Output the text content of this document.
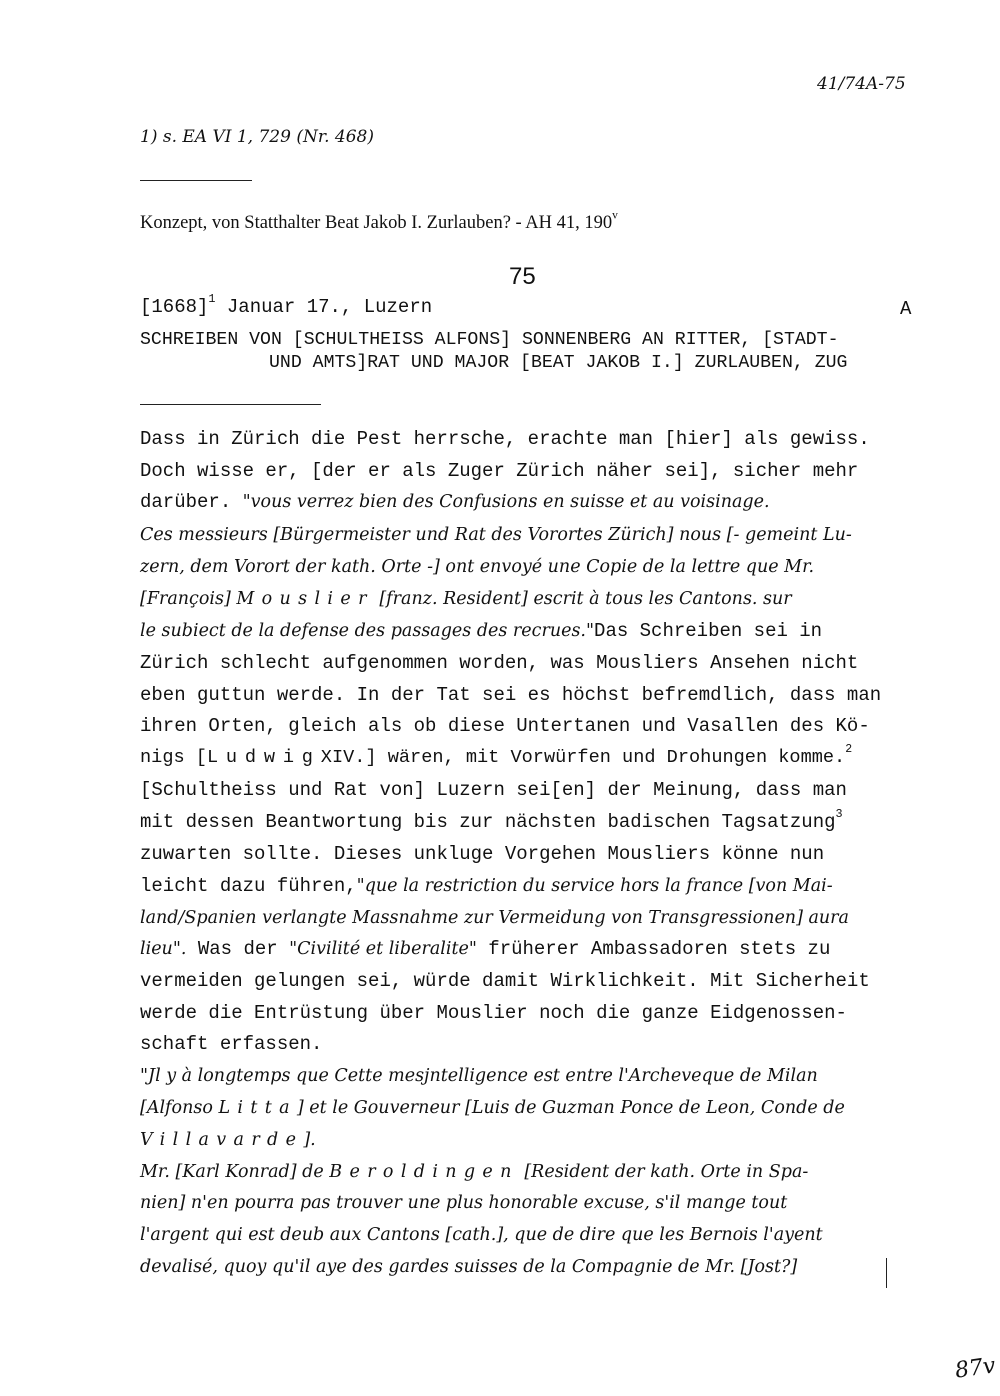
41/74A-75
1) s. EA VI 1, 729 (Nr. 468)
Konzept, von Statthalter Beat Jakob I. Zurlauben? - AH 41, 190$^v$
75
$[1668]^1$ Januar 17., Luzern	A
SCHREIBEN VON [SCHULTHEISS ALFONS] SONNENBERG AN RITTER, [STADT-
UND AMTS]RAT UND MAJOR [BEAT JAKOB I.] ZURLAUBEN, ZUG
Dass in Zürich die Pest herrsche, erachte man [hier] als gewiss.
Doch wisse er, [der er als Zuger Zürich näher sei], sicher mehr
darüber. "vous verrez bien des Confusions en suisse et au voisinage.
Ces messieurs [Bürgermeister und Rat des Vorortes Zürich] nous [- gemeint Lu-
zern, dem Vorort der kath. Orte -] ont envoyé une Copie de la lettre que Mr.
[François] Mouslier [franz. Resident] escrit à tous les Cantons. sur
le subiect de la defense des passages des recrues."Das Schreiben sei in
Zürich schlecht aufgenommen worden, was Mousliers Ansehen nicht
eben guttun werde. In der Tat sei es höchst befremdlich, dass man
ihren Orten, gleich als ob diese Untertanen und Vasallen des Kö-
nigs [LudwigXIV.] wären, mit Vorwürfen und Drohungen komme.$^2$
[Schultheiss und Rat von] Luzern sei[en] der Meinung, dass man
mit dessen Beantwortung bis zur nächsten badischen Tagsatzung$^3$
zuwarten sollte. Dieses unkluge Vorgehen Mousliers könne nun
leicht dazu führen,"que la restriction du service hors la france [von Mai-
land/Spanien verlangte Massnahme zur Vermeidung von Transgressionen] aura
lieu". Was der "Civilité et liberalite" früherer Ambassadoren stets zu
vermeiden gelungen sei, würde damit Wirklichkeit. Mit Sicherheit
werde die Entrüstung über Mouslier noch die ganze Eidgenossen-
schaft erfassen.
"Jl y à longtemps que Cette mesjntelligence est entre l'Archeveque de Milan
[Alfonso Litta] et le Gouverneur [Luis de Guzman Ponce de Leon, Conde de
Villavarde].
Mr. [Karl Konrad] de Beroldingen [Resident der kath. Orte in Spa-
nien] n'en pourra pas trouver une plus honorable excuse, s'il mange tout
l'argent qui est deub aux Cantons [cath.], que de dire que les Bernois l'ayent
devalisé, quoy qu'il aye des gardes suisses de la Compagnie de Mr. [Jost?]
87v
